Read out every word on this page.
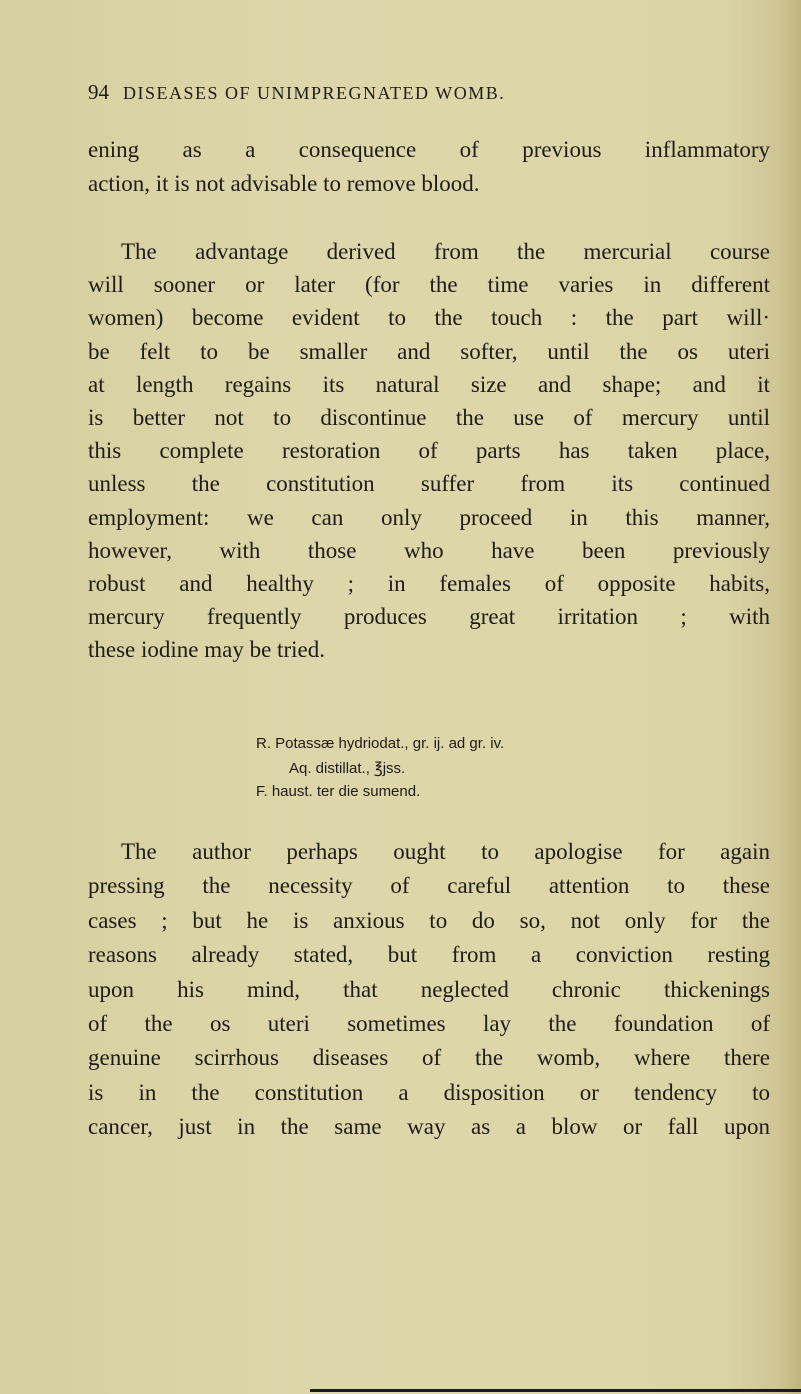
94 DISEASES OF UNIMPREGNATED WOMB.
ening as a consequence of previous inflammatory
action, it is not advisable to remove blood.
The advantage derived from the mercurial course
will sooner or later (for the time varies in different
women) become evident to the touch : the part will·
be felt to be smaller and softer, until the os uteri
at length regains its natural size and shape; and it
is better not to discontinue the use of mercury until
this complete restoration of parts has taken place,
unless the constitution suffer from its continued
employment: we can only proceed in this manner,
however, with those who have been previously
robust and healthy ; in females of opposite habits,
mercury frequently produces great irritation ; with
these iodine may be tried.
The author perhaps ought to apologise for again
pressing the necessity of careful attention to these
cases ; but he is anxious to do so, not only for the
reasons already stated, but from a conviction resting
upon his mind, that neglected chronic thickenings
of the os uteri sometimes lay the foundation of
genuine scirrhous diseases of the womb, where there
is in the constitution a disposition or tendency to
cancer, just in the same way as a blow or fall upon
R. Potassæ hydriodat., gr. ij. ad gr. iv.
Aq. distillat., ℥jss.
F. haust. ter die sumend.
